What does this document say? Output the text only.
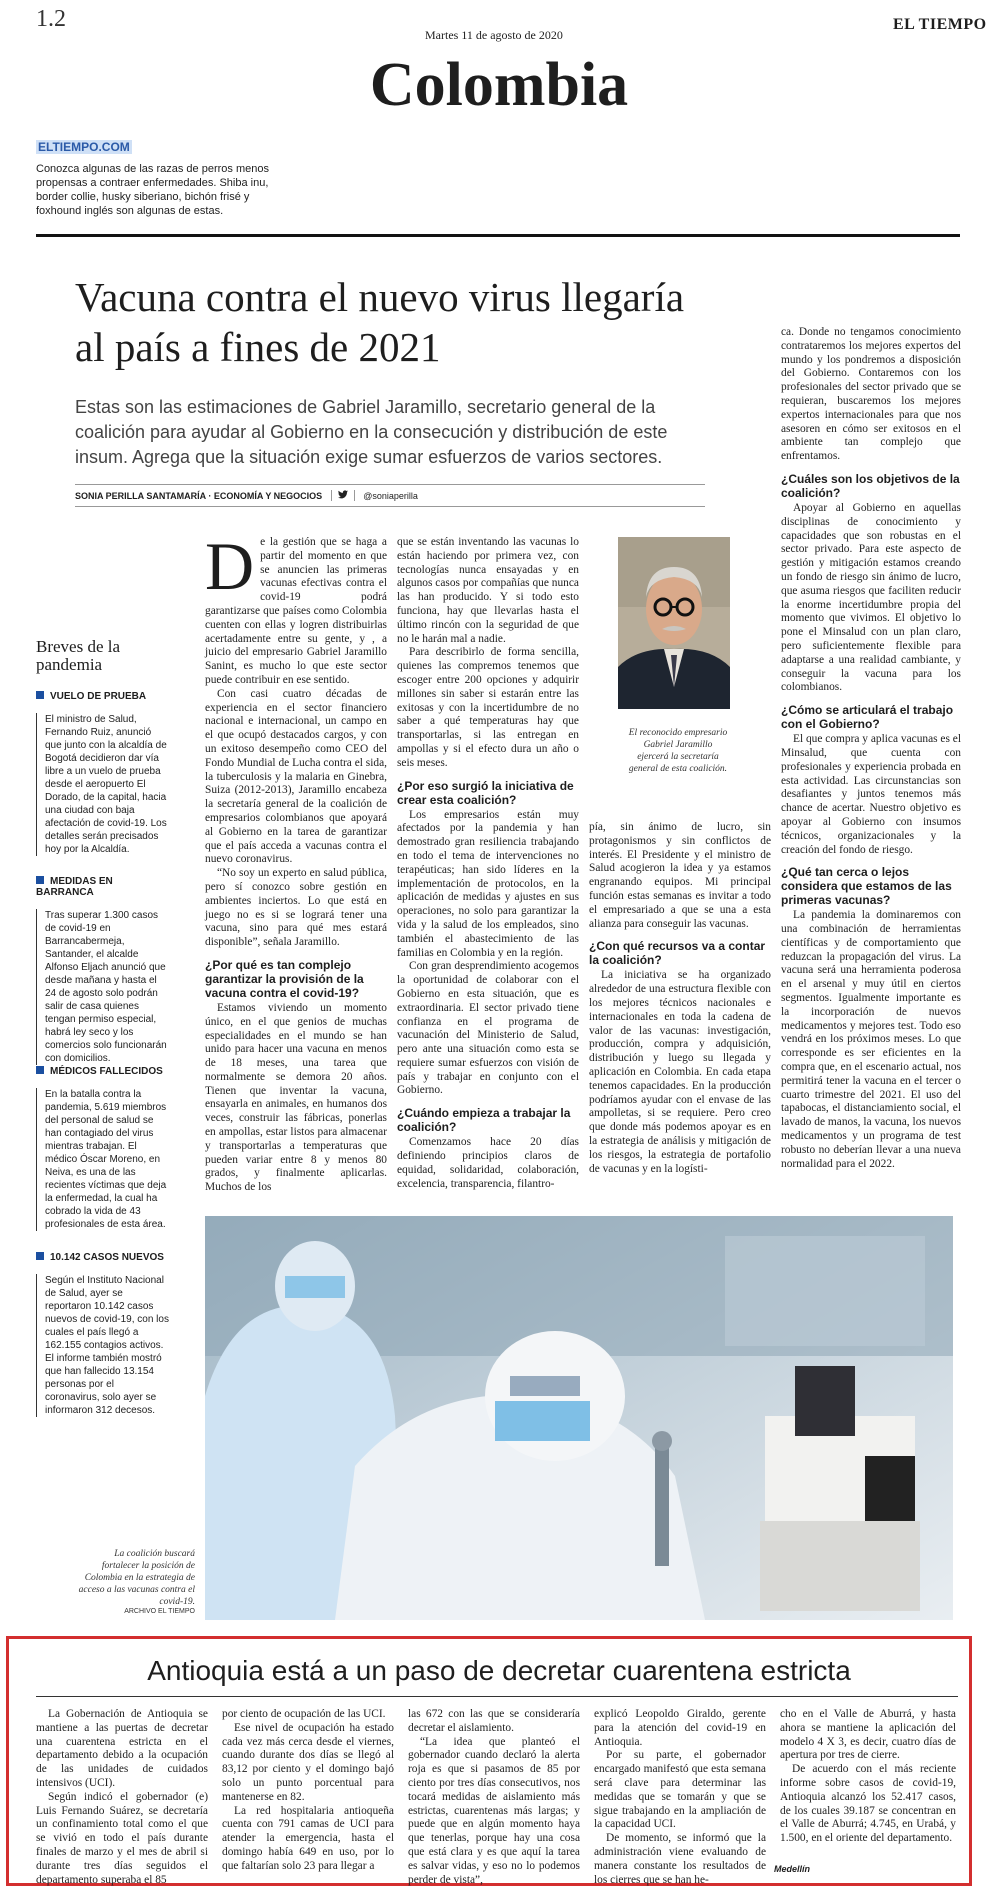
1.2
Martes 11 de agosto de 2020
EL TIEMPO
Colombia
ELTIEMPO.COM
Conozca algunas de las razas de perros menos propensas a contraer enfermedades. Shiba inu, border collie, husky siberiano, bichón frisé y foxhound inglés son algunas de estas.
Vacuna contra el nuevo virus llegaría al país a fines de 2021
Estas son las estimaciones de Gabriel Jaramillo, secretario general de la coalición para ayudar al Gobierno en la consecución y distribución de este insum. Agrega que la situación exige sumar esfuerzos de varios sectores.
SONIA PERILLA SANTAMARÍA · ECONOMÍA Y NEGOCIOS	@soniaperilla
Breves de la pandemia
VUELO DE PRUEBA
El ministro de Salud, Fernando Ruiz, anunció que junto con la alcaldía de Bogotá decidieron dar vía libre a un vuelo de prueba desde el aeropuerto El Dorado, de la capital, hacia una ciudad con baja afectación de covid-19. Los detalles serán precisados hoy por la Alcaldía.
MEDIDAS EN BARRANCA
Tras superar 1.300 casos de covid-19 en Barrancabermeja, Santander, el alcalde Alfonso Eljach anunció que desde mañana y hasta el 24 de agosto solo podrán salir de casa quienes tengan permiso especial, habrá ley seco y los comercios solo funcionarán con domicilios.
MÉDICOS FALLECIDOS
En la batalla contra la pandemia, 5.619 miembros del personal de salud se han contagiado del virus mientras trabajan. El médico Óscar Moreno, en Neiva, es una de las recientes víctimas que deja la enfermedad, la cual ha cobrado la vida de 43 profesionales de esta área.
10.142 CASOS NUEVOS
Según el Instituto Nacional de Salud, ayer se reportaron 10.142 casos nuevos de covid-19, con los cuales el país llegó a 162.155 contagios activos. El informe también mostró que han fallecido 13.154 personas por el coronavirus, solo ayer se informaron 312 decesos.

De la gestión que se haga a partir del momento en que se anuncien las primeras vacunas efectivas contra el covid-19 podrá garantizarse que países como Colombia cuenten con ellas y logren distribuirlas acertadamente entre su gente, y , a juicio del empresario Gabriel Jaramillo Sanint, es mucho lo que este sector puede contribuir en ese sentido.

Con casi cuatro décadas de experiencia en el sector financiero nacional e internacional, un campo en el que ocupó destacados cargos, y con un exitoso desempeño como CEO del Fondo Mundial de Lucha contra el sida, la tuberculosis y la malaria en Ginebra, Suiza (2012-2013), Jaramillo encabeza la secretaría general de la coalición de empresarios colombianos que apoyará al Gobierno en la tarea de garantizar que el país acceda a vacunas contra el nuevo coronavirus.

“No soy un experto en salud pública, pero sí conozco sobre gestión en ambientes inciertos. Lo que está en juego no es si se logrará tener una vacuna, sino para qué mes estará disponible”, señala Jaramillo.

¿Por qué es tan complejo garantizar la provisión de la vacuna contra el covid-19?

Estamos viviendo un momento único, en el que genios de muchas especialidades en el mundo se han unido para hacer una vacuna en menos de 18 meses, una tarea que normalmente se demora 20 años. Tienen que inventar la vacuna, ensayarla en animales, en humanos dos veces, construir las fábricas, ponerlas en ampollas, estar listos para almacenar y transportarlas a temperaturas que pueden variar entre 8 y menos 80 grados, y finalmente aplicarlas. Muchos de los

que se están inventando las vacunas lo están haciendo por primera vez, con tecnologías nunca ensayadas y en algunos casos por compañías que nunca las han producido. Y si todo esto funciona, hay que llevarlas hasta el último rincón con la seguridad de que no le harán mal a nadie.

Para describirlo de forma sencilla, quienes las compremos tenemos que escoger entre 200 opciones y adquirir millones sin saber si estarán entre las exitosas y con la incertidumbre de no saber a qué temperaturas hay que transportarlas, si las entregan en ampollas y si el efecto dura un año o seis meses.

¿Por eso surgió la iniciativa de crear esta coalición?

Los empresarios están muy afectados por la pandemia y han demostrado gran resiliencia trabajando en todo el tema de intervenciones no terapéuticas; han sido líderes en la implementación de protocolos, en la aplicación de medidas y ajustes en sus operaciones, no solo para garantizar la vida y la salud de los empleados, sino también el abastecimiento de las familias en Colombia y en la región.

Con gran desprendimiento acogemos la oportunidad de colaborar con el Gobierno en esta situación, que es extraordinaria. El sector privado tiene confianza en el programa de vacunación del Ministerio de Salud, pero ante una situación como esta se requiere sumar esfuerzos con visión de país y trabajar en conjunto con el Gobierno.

¿Cuándo empieza a trabajar la coalición?

Comenzamos hace 20 días definiendo principios claros de equidad, solidaridad, colaboración, excelencia, transparencia, filantro-

El reconocido empresario Gabriel Jaramillo ejercerá la secretaría general de esta coalición.

pía, sin ánimo de lucro, sin protagonismos y sin conflictos de interés. El Presidente y el ministro de Salud acogieron la idea y ya estamos engranando equipos. Mi principal función estas semanas es invitar a todo el empresariado a que se una a esta alianza para conseguir las vacunas.

¿Con qué recursos va a contar la coalición?

La iniciativa se ha organizado alrededor de una estructura flexible con los mejores técnicos nacionales e internacionales en toda la cadena de valor de las vacunas: investigación, producción, compra y adquisición, distribución y luego su llegada y aplicación en Colombia. En cada etapa tenemos capacidades. En la producción podríamos ayudar con el envase de las ampolletas, si se requiere. Pero creo que donde más podemos apoyar es en la estrategia de análisis y mitigación de los riesgos, la estrategia de portafolio de vacunas y en la logísti-

ca. Donde no tengamos conocimiento contrataremos los mejores expertos del mundo y los pondremos a disposición del Gobierno. Contaremos con los profesionales del sector privado que se requieran, buscaremos los mejores expertos internacionales para que nos asesoren en cómo ser exitosos en el ambiente tan complejo que enfrentamos.

¿Cuáles son los objetivos de la coalición?

Apoyar al Gobierno en aquellas disciplinas de conocimiento y capacidades que son robustas en el sector privado. Para este aspecto de gestión y mitigación estamos creando un fondo de riesgo sin ánimo de lucro, que asuma riesgos que faciliten reducir la enorme incertidumbre propia del momento que vivimos. El objetivo lo pone el Minsalud con un plan claro, pero suficientemente flexible para adaptarse a una realidad cambiante, y conseguir la vacuna para los colombianos.

¿Cómo se articulará el trabajo con el Gobierno?

El que compra y aplica vacunas es el Minsalud, que cuenta con profesionales y experiencia probada en esta actividad. Las circunstancias son desafiantes y juntos tenemos más chance de acertar. Nuestro objetivo es apoyar al Gobierno con insumos técnicos, organizacionales y la creación del fondo de riesgo.

¿Qué tan cerca o lejos considera que estamos de las primeras vacunas?

La pandemia la dominaremos con una combinación de herramientas científicas y de comportamiento que reduzcan la propagación del virus. La vacuna será una herramienta poderosa en el arsenal y muy útil en ciertos segmentos. Igualmente importante es la incorporación de nuevos medicamentos y mejores test. Todo eso vendrá en los próximos meses. Lo que corresponde es ser eficientes en la compra que, en el escenario actual, nos permitirá tener la vacuna en el tercer o cuarto trimestre del 2021. El uso del tapabocas, el distanciamiento social, el lavado de manos, la vacuna, los nuevos medicamentos y un programa de test robusto no deberían llevar a una nueva normalidad para el 2022.

La coalición buscará fortalecer la posición de Colombia en la estrategia de acceso a las vacunas contra el covid-19.
ARCHIVO EL TIEMPO
Antioquia está a un paso de decretar cuarentena estricta

La Gobernación de Antioquia se mantiene a las puertas de decretar una cuarentena estricta en el departamento debido a la ocupación de las unidades de cuidados intensivos (UCI).

Según indicó el gobernador (e) Luis Fernando Suárez, se decretaría un confinamiento total como el que se vivió en todo el país durante finales de marzo y el mes de abril si durante tres días seguidos el departamento superaba el 85

por ciento de ocupación de las UCI.

Ese nivel de ocupación ha estado cada vez más cerca desde el viernes, cuando durante dos días se llegó al 83,12 por ciento y el domingo bajó solo un punto porcentual para mantenerse en 82.

La red hospitalaria antioqueña cuenta con 791 camas de UCI para atender la emergencia, hasta el domingo había 649 en uso, por lo que faltarían solo 23 para llegar a

las 672 con las que se consideraría decretar el aislamiento.

“La idea que planteó el gobernador cuando declaró la alerta roja es que si pasamos de 85 por ciento por tres días consecutivos, nos tocará medidas de aislamiento más estrictas, cuarentenas más largas; y puede que en algún momento haya que tenerlas, porque hay una cosa que está clara y es que aquí la tarea es salvar vidas, y eso no lo podemos perder de vista”,

explicó Leopoldo Giraldo, gerente para la atención del covid-19 en Antioquia.

Por su parte, el gobernador encargado manifestó que esta semana será clave para determinar las medidas que se tomarán y que se sigue trabajando en la ampliación de la capacidad UCI.

De momento, se informó que la administración viene evaluando de manera constante los resultados de los cierres que se han he-

cho en el Valle de Aburrá, y hasta ahora se mantiene la aplicación del modelo 4 X 3, es decir, cuatro días de apertura por tres de cierre.

De acuerdo con el más reciente informe sobre casos de covid-19, Antioquia alcanzó los 52.417 casos, de los cuales 39.187 se concentran en el Valle de Aburrá; 4.745, en Urabá, y 1.500, en el oriente del departamento.

Medellín
